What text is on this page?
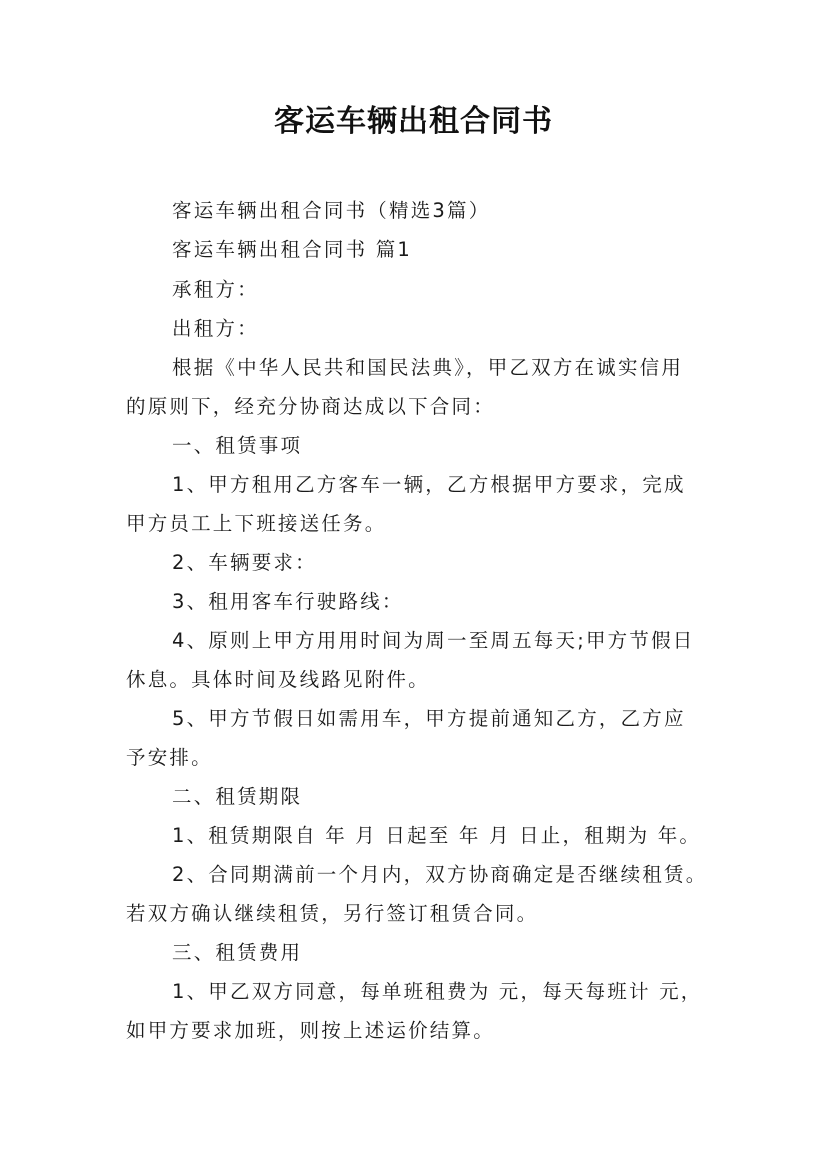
客运车辆出租合同书
客运车辆出租合同书（精选3篇）
客运车辆出租合同书 篇1
承租方：
出租方：
根据《中华人民共和国民法典》，甲乙双方在诚实信用
的原则下，经充分协商达成以下合同：
一、租赁事项
1、甲方租用乙方客车一辆，乙方根据甲方要求，完成
甲方员工上下班接送任务。
2、车辆要求：
3、租用客车行驶路线：
4、原则上甲方用用时间为周一至周五每天;甲方节假日
休息。具体时间及线路见附件。
5、甲方节假日如需用车，甲方提前通知乙方，乙方应
予安排。
二、租赁期限
1、租赁期限自 年 月 日起至 年 月 日止，租期为 年。
2、合同期满前一个月内，双方协商确定是否继续租赁。
若双方确认继续租赁，另行签订租赁合同。
三、租赁费用
1、甲乙双方同意，每单班租费为 元，每天每班计 元，
如甲方要求加班，则按上述运价结算。
